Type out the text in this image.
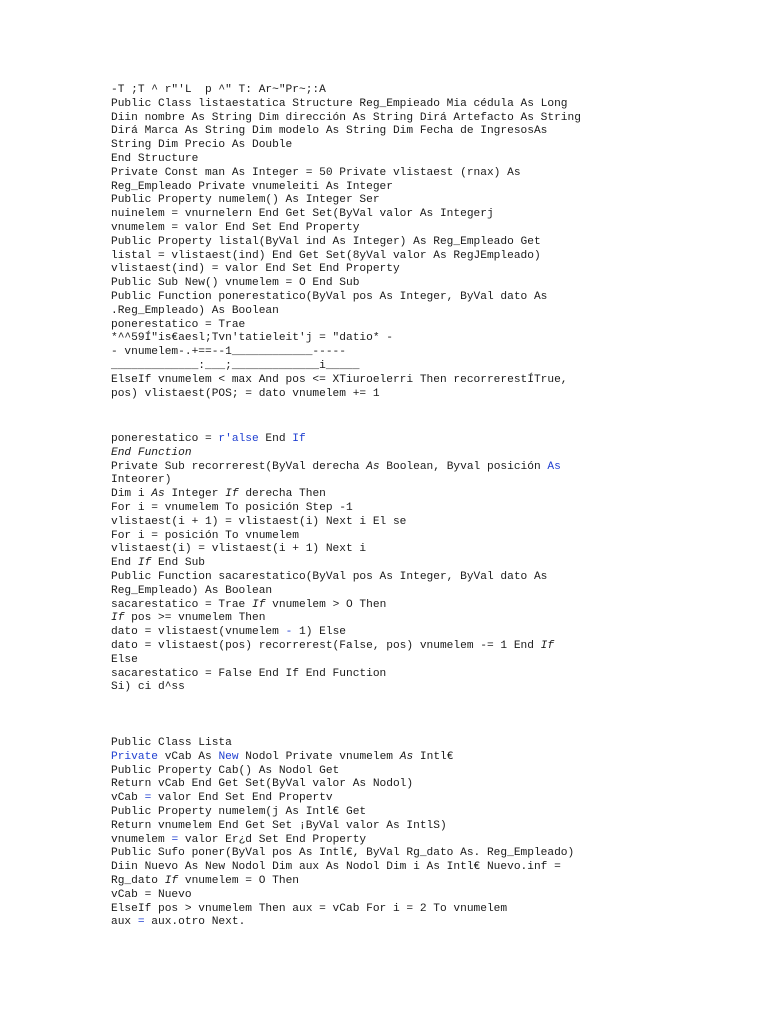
-T ;T ^ r"'L  p ^" T: Ar~"Pr~;:A
Public Class listaestatica Structure Reg_Empieado Mia cédula As Long
Diin nombre As String Dim dirección As String Dirá Artefacto As String
Dirá Marca As String Dim modelo As String Dim Fecha de IngresosAs
String Dim Precio As Double
End Structure
Private Const man As Integer = 50 Private vlistaest (rnax) As
Reg_Empleado Private vnumeleiti As Integer
Public Property numelem() As Integer Ser
nuinelem = vnurnelern End Get Set(ByVal valor As Integerj
vnumelem = valor End Set End Property
Public Property listal(ByVal ind As Integer) As Reg_Empleado Get
listal = vlistaest(ind) End Get Set(8yVal valor As RegJEmpleado)
vlistaest(ind) = valor End Set End Property
Public Sub New() vnumelem = O End Sub
Public Function ponerestatico(ByVal pos As Integer, ByVal dato As
.Reg_Empleado) As Boolean
ponerestatico = Trae
*^^59Í"is€aesl;Tvn'tatieleit'j = "datio* -
- vnumelem-.+==--1____________-----
_____________:___;_____________i_____
ElseIf vnumelem < max And pos <= XTiuroelerri Then recorrerestÍTrue,
pos) vlistaest(POS; = dato vnumelem += 1
ponerestatico = r'alse End If
End Function
Private Sub recorrerest(ByVal derecha As Boolean, Byval posición As
Inteorer)
Dim i As Integer If derecha Then
For i = vnumelem To posición Step -1
vlistaest(i + 1) = vlistaest(i) Next i El se
For i = posición To vnumelem
vlistaest(i) = vlistaest(i + 1) Next i
End If End Sub
Public Function sacarestatico(ByVal pos As Integer, ByVal dato As
Reg_Empleado) As Boolean
sacarestatico = Trae If vnumelem > O Then
If pos >= vnumelem Then
dato = vlistaest(vnumelem - 1) Else
dato = vlistaest(pos) recorrerest(False, pos) vnumelem -= 1 End If
Else
sacarestatico = False End If End Function
Si) ci d^ss
Public Class Lista
Private vCab As New Nodol Private vnumelem As Intl€
Public Property Cab() As Nodol Get
Return vCab End Get Set(ByVal valor As Nodol)
vCab = valor End Set End Propertv
Public Property numelem(j As Intl€ Get
Return vnumelem End Get Set ¡ByVal valor As IntlS)
vnumelem = valor Er¿d Set End Property
Public Sufo poner(ByVal pos As Intl€, ByVal Rg_dato As. Reg_Empleado)
Diin Nuevo As New Nodol Dim aux As Nodol Dim i As Intl€ Nuevo.inf =
Rg_dato If vnumelem = O Then
vCab = Nuevo
ElseIf pos > vnumelem Then aux = vCab For i = 2 To vnumelem
aux = aux.otro Next.
